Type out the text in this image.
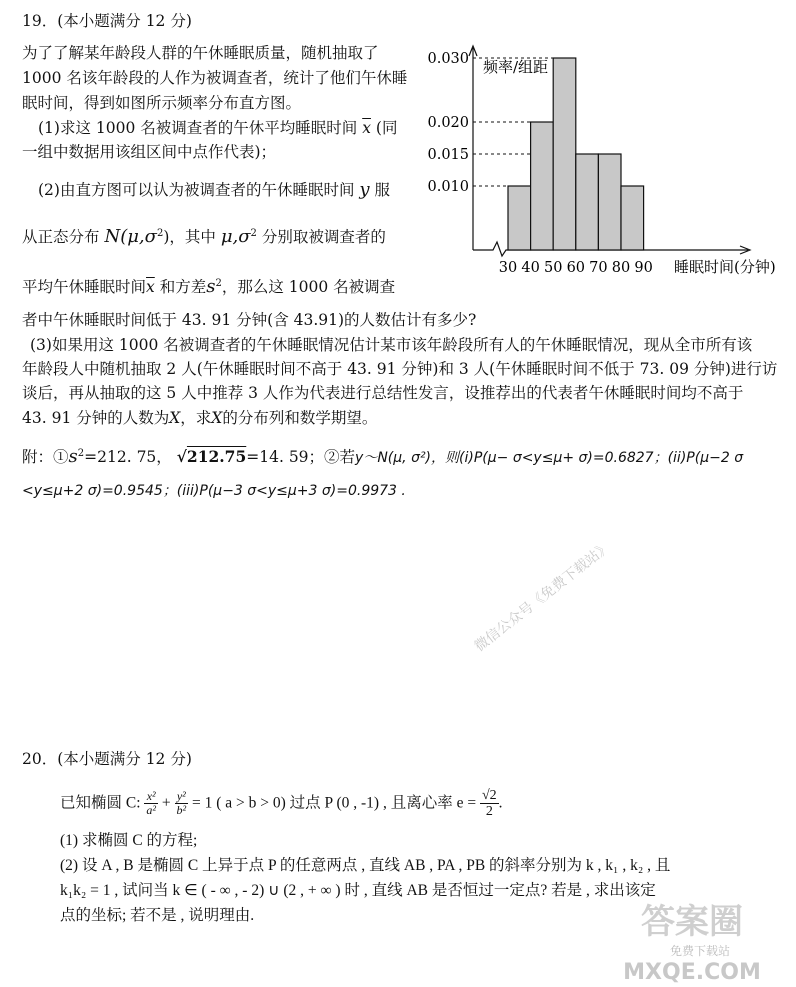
19．(本小题满分 12 分)
为了了解某年龄段人群的午休睡眠质量，随机抽取了
1000 名该年龄段的人作为被调查者，统计了他们午休睡
眠时间，得到如图所示频率分布直方图。
(1)求这 1000 名被调查者的午休平均睡眠时间 $\overline{x}$ (同
一组中数据用该组区间中点作代表)；
(2)由直方图可以认为被调查者的午休睡眠时间 y 服
从正态分布 $N(\mu,\sigma^2)$，其中 $\mu,\sigma^2$ 分别取被调查者的
平均午休睡眠时间$\overline{x}$ 和方差$s^2$，那么这 1000 名被调查
者中午休睡眠时间低于 43. 91 分钟(含 43.91)的人数估计有多少?
(3)如果用这 1000 名被调查者的午休睡眠情况估计某市该年龄段所有人的午休睡眠情况，现从全市所有该
年龄段人中随机抽取 2 人(午休睡眠时间不高于 43. 91 分钟)和 3 人(午休睡眠时间不低于 73. 09 分钟)进行访
谈后，再从抽取的这 5 人中推荐 3 人作为代表进行总结性发言，设推荐出的代表者午休睡眠时间均不高于
43. 91 分钟的人数为X，求X的分布列和数学期望。
附：$①s^2=212$. 75， √212.75=14. 59；②若y～N(μ, σ²)，则(i)P(μ− σ<y≤μ+ σ)=0.6827；(ii)P(μ−2 σ
<y≤μ+2 σ)=0.9545；(iii)P(μ−3 σ<y≤μ+3 σ)=0.9973 .
频率/组距
0.030
0.020
0.015
0.010
30 40 50 60 70 80 90 睡眠时间(分钟)
微信公众号《免费下载站》
20．(本小题满分 12 分)
已知椭圆 C: $\frac{\text{x²}}{\text{a²}} + \frac{\text{y²}}{\text{b²}} = 1$ ( a > b > 0) 过点 P (0 , -1) , 且离心率 $e = \frac{√2}{2}$ .
(1) 求椭圆 C 的方程;
(2) 设 A , B 是椭圆 C 上异于点 P 的任意两点 , 直线 AB , PA , PB 的斜率分别为 k , k₁ , k₂ , 且
k₁k₂ = 1 , 试问当 k ∈ ( - ∞ , - 2) ∪ (2 , + ∞ ) 时 , 直线 AB 是否恒过一定点? 若是 , 求出该定
点的坐标; 若不是 , 说明理由.	答案圈
免费下载站
MXQE.COM
